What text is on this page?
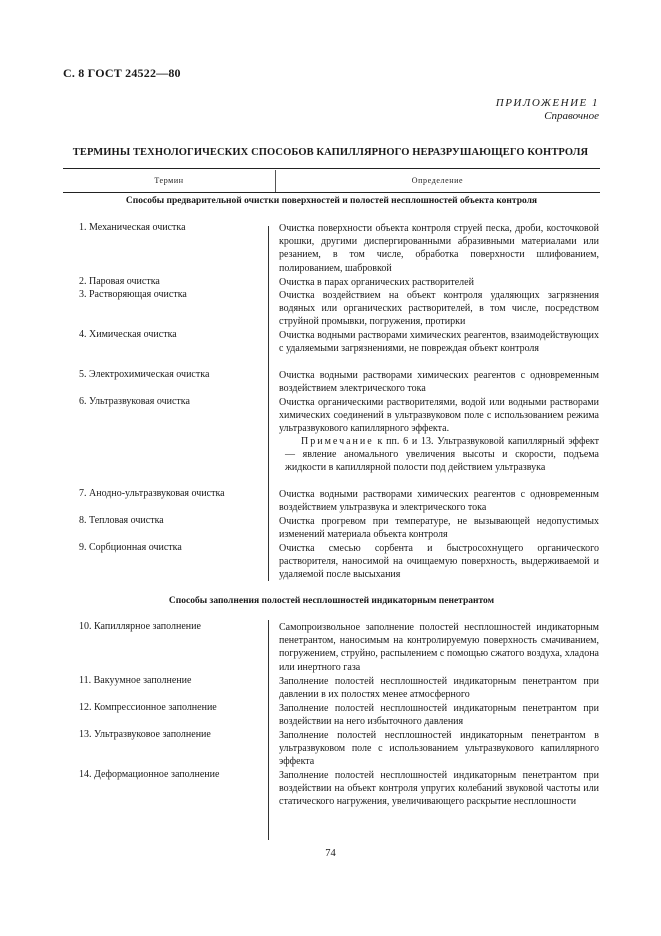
С. 8 ГОСТ 24522—80
ПРИЛОЖЕНИЕ 1
Справочное
ТЕРМИНЫ ТЕХНОЛОГИЧЕСКИХ СПОСОБОВ КАПИЛЛЯРНОГО НЕРАЗРУШАЮЩЕГО КОНТРОЛЯ
Термин	Определение
Способы предварительной очистки поверхностей и полостей несплошностей объекта контроля
1. Механическая очистка	Очистка поверхности объекта контроля струей песка, дроби, косточковой крошки, другими диспергированными абразивными материалами или резанием, в том числе, обработка поверхности шлифованием, полированием, шабровкой
2. Паровая очистка	Очистка в парах органических растворителей
3. Растворяющая очистка	Очистка воздействием на объект контроля удаляющих загрязнения водяных или органических растворителей, в том числе, посредством струйной промывки, погружения, протирки
4. Химическая очистка	Очистка водными растворами химических реагентов, взаимодействующих с удаляемыми загрязнениями, не повреждая объект контроля
5. Электрохимическая очистка	Очистка водными растворами химических реагентов с одновременным воздействием электрического тока
6. Ультразвуковая очистка	Очистка органическими растворителями, водой или водными растворами химических соединений в ультразвуковом поле с использованием режима ультразвукового капиллярного эффекта.
Примечание к пп. 6 и 13. Ультразвуковой капиллярный эффект — явление аномального увеличения высоты и скорости, подъема жидкости в капиллярной полости под действием ультразвука
7. Анодно-ультразвуковая очистка	Очистка водными растворами химических реагентов с одновременным воздействием ультразвука и электрического тока
8. Тепловая очистка	Очистка прогревом при температуре, не вызывающей недопустимых изменений материала объекта контроля
9. Сорбционная очистка	Очистка смесью сорбента и быстросохнущего органического растворителя, наносимой на очищаемую поверхность, выдерживаемой и удаляемой после высыхания
Способы заполнения полостей несплошностей индикаторным пенетрантом
10. Капиллярное заполнение	Самопроизвольное заполнение полостей несплошностей индикаторным пенетрантом, наносимым на контролируемую поверхность смачиванием, погружением, струйно, распылением с помощью сжатого воздуха, хладона или инертного газа
11. Вакуумное заполнение	Заполнение полостей несплошностей индикаторным пенетрантом при давлении в их полостях менее атмосферного
12. Компрессионное заполнение	Заполнение полостей несплошностей индикаторным пенетрантом при воздействии на него избыточного давления
13. Ультразвуковое заполнение	Заполнение полостей несплошностей индикаторным пенетрантом в ультразвуковом поле с использованием ультразвукового капиллярного эффекта
14. Деформационное заполнение	Заполнение полостей несплошностей индикаторным пенетрантом при воздействии на объект контроля упругих колебаний звуковой частоты или статического нагружения, увеличивающего раскрытие несплошности
74
